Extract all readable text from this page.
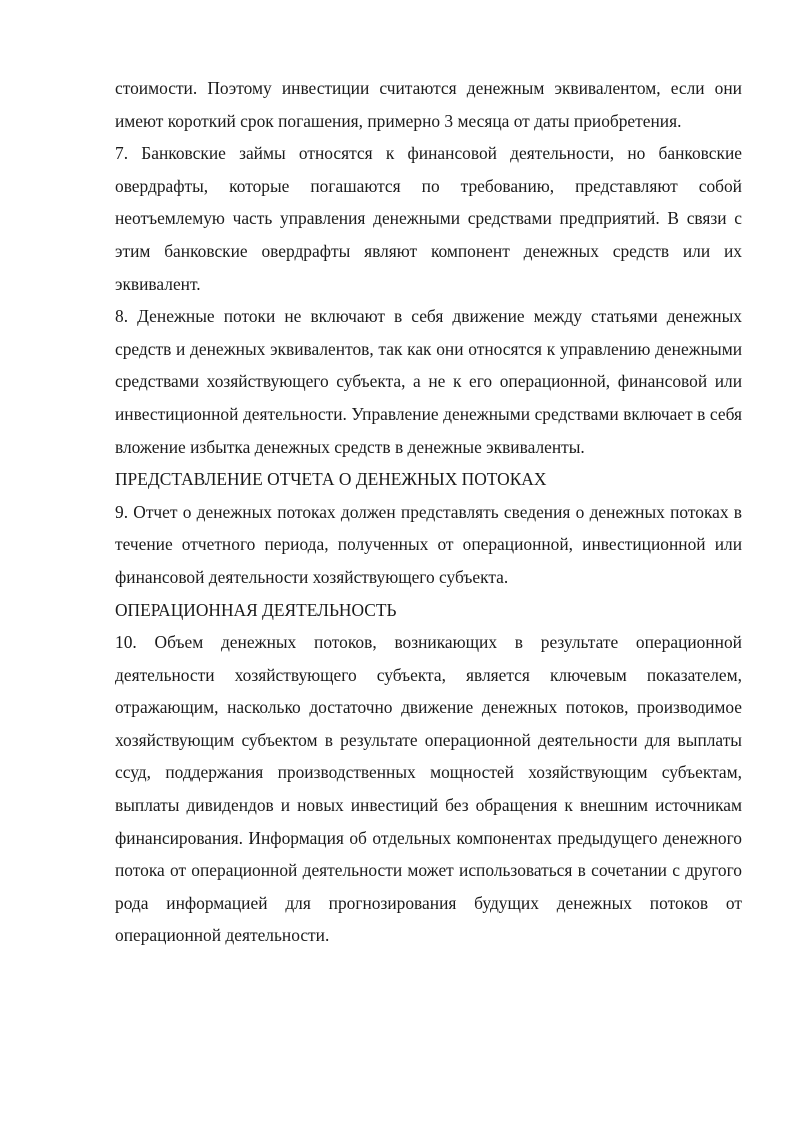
стоимости. Поэтому инвестиции считаются денежным эквивалентом, если они имеют короткий срок погашения, примерно 3 месяца от даты приобретения.

7. Банковские займы относятся к финансовой деятельности, но банковские овердрафты, которые погашаются по требованию, представляют собой неотъемлемую часть управления денежными средствами предприятий. В связи с этим банковские овердрафты являют компонент денежных средств или их эквивалент.

8. Денежные потоки не включают в себя движение между статьями денежных средств и денежных эквивалентов, так как они относятся к управлению денежными средствами хозяйствующего субъекта, а не к его операционной, финансовой или инвестиционной деятельности. Управление денежными средствами включает в себя вложение избытка денежных средств в денежные эквиваленты.

ПРЕДСТАВЛЕНИЕ ОТЧЕТА О ДЕНЕЖНЫХ ПОТОКАХ

9. Отчет о денежных потоках должен представлять сведения о денежных потоках в течение отчетного периода, полученных от операционной, инвестиционной или финансовой деятельности хозяйствующего субъекта.

ОПЕРАЦИОННАЯ ДЕЯТЕЛЬНОСТЬ

10. Объем денежных потоков, возникающих в результате операционной деятельности хозяйствующего субъекта, является ключевым показателем, отражающим, насколько достаточно движение денежных потоков, производимое хозяйствующим субъектом в результате операционной деятельности для выплаты ссуд, поддержания производственных мощностей хозяйствующим субъектам, выплаты дивидендов и новых инвестиций без обращения к внешним источникам финансирования. Информация об отдельных компонентах предыдущего денежного потока от операционной деятельности может использоваться в сочетании с другого рода информацией для прогнозирования будущих денежных потоков от операционной деятельности.
